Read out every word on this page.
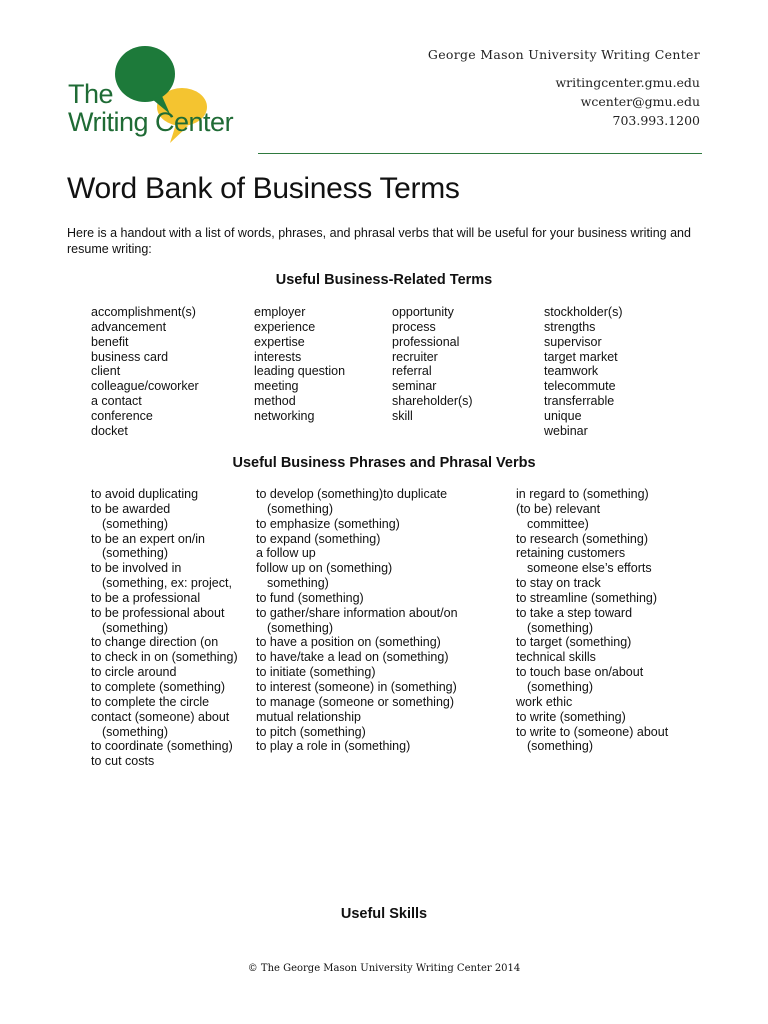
The
Writing Center
George Mason University Writing Center
writingcenter.gmu.edu
wcenter@gmu.edu
703.993.1200
Word Bank of Business Terms

Here is a handout with a list of words, phrases, and phrasal verbs that will be useful for your business writing and resume writing:

Useful Business-Related Terms
accomplishment(s)
advancement
benefit
business card
client
colleague/coworker
a contact
conference
docket
employer
experience
expertise
interests
leading question
meeting
method
networking
opportunity
process
professional
recruiter
referral
seminar
shareholder(s)
skill
stockholder(s)
strengths
supervisor
target market
teamwork
telecommute
transferrable
unique
webinar
Useful Business Phrases and Phrasal Verbs
to avoid duplicating
to be awarded
(something)
to be an expert on/in
(something)
to be involved in
(something, ex: project,
to be a professional
to be professional about
(something)
to change direction (on
to check in on (something)
to circle around
to complete (something)
to complete the circle
contact (someone) about
(something)
to coordinate (something)
to cut costs
to develop (something)to duplicate
(something)
to emphasize (something)
to expand (something)
a follow up
follow up on (something)
something)
to fund (something)
to gather/share information about/on
(something)
to have a position on (something)
to have/take a lead on (something)
to initiate (something)
to interest (someone) in (something)
to manage (someone or something)
mutual relationship
to pitch (something)
to play a role in (something)
in regard to (something)
(to be) relevant
committee)
to research (something)
retaining customers
someone else’s efforts
to stay on track
to streamline (something)
to take a step toward
(something)
to target (something)
technical skills
to touch base on/about
(something)
work ethic
to write (something)
to write to (someone) about
(something)
Useful Skills
© The George Mason University Writing Center 2014
